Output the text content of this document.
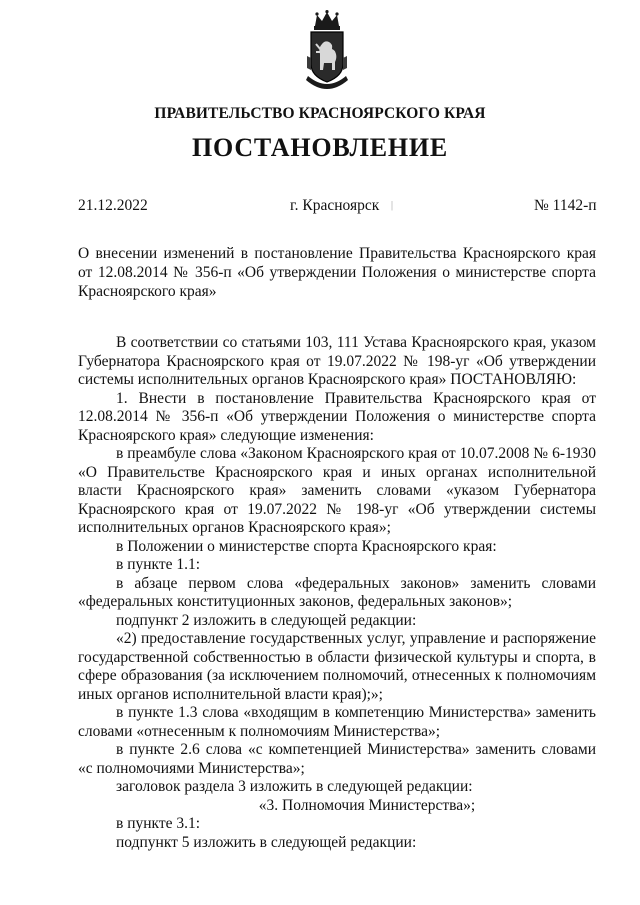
ПРАВИТЕЛЬСТВО КРАСНОЯРСКОГО КРАЯ
ПОСТАНОВЛЕНИЕ
21.12.2022	г. Красноярск	№ 1142-п
|
О внесении изменений в постановление Правительства Красноярского края от 12.08.2014 № 356-п «Об утверждении Положения о министерстве спорта Красноярского края»

В соответствии со статьями 103, 111 Устава Красноярского края, указом Губернатора Красноярского края от 19.07.2022 № 198-уг «Об утверждении системы исполнительных органов Красноярского края» ПОСТАНОВЛЯЮ:

1. Внести в постановление Правительства Красноярского края от 12.08.2014 № 356-п «Об утверждении Положения о министерстве спорта Красноярского края» следующие изменения:

в преамбуле слова «Законом Красноярского края от 10.07.2008 № 6-1930 «О Правительстве Красноярского края и иных органах исполнительной власти Красноярского края» заменить словами «указом Губернатора Красноярского края от 19.07.2022 № 198-уг «Об утверждении системы исполнительных органов Красноярского края»;

в Положении о министерстве спорта Красноярского края:

в пункте 1.1:

в абзаце первом слова «федеральных законов» заменить словами «федеральных конституционных законов, федеральных законов»;

подпункт 2 изложить в следующей редакции:

«2) предоставление государственных услуг, управление и распоряжение государственной собственностью в области физической культуры и спорта, в сфере образования (за исключением полномочий, отнесенных к полномочиям иных органов исполнительной власти края);»;

в пункте 1.3 слова «входящим в компетенцию Министерства» заменить словами «отнесенным к полномочиям Министерства»;

в пункте 2.6 слова «с компетенцией Министерства» заменить словами «с полномочиями Министерства»;

заголовок раздела 3 изложить в следующей редакции:

«3. Полномочия Министерства»;

в пункте 3.1:

подпункт 5 изложить в следующей редакции:
